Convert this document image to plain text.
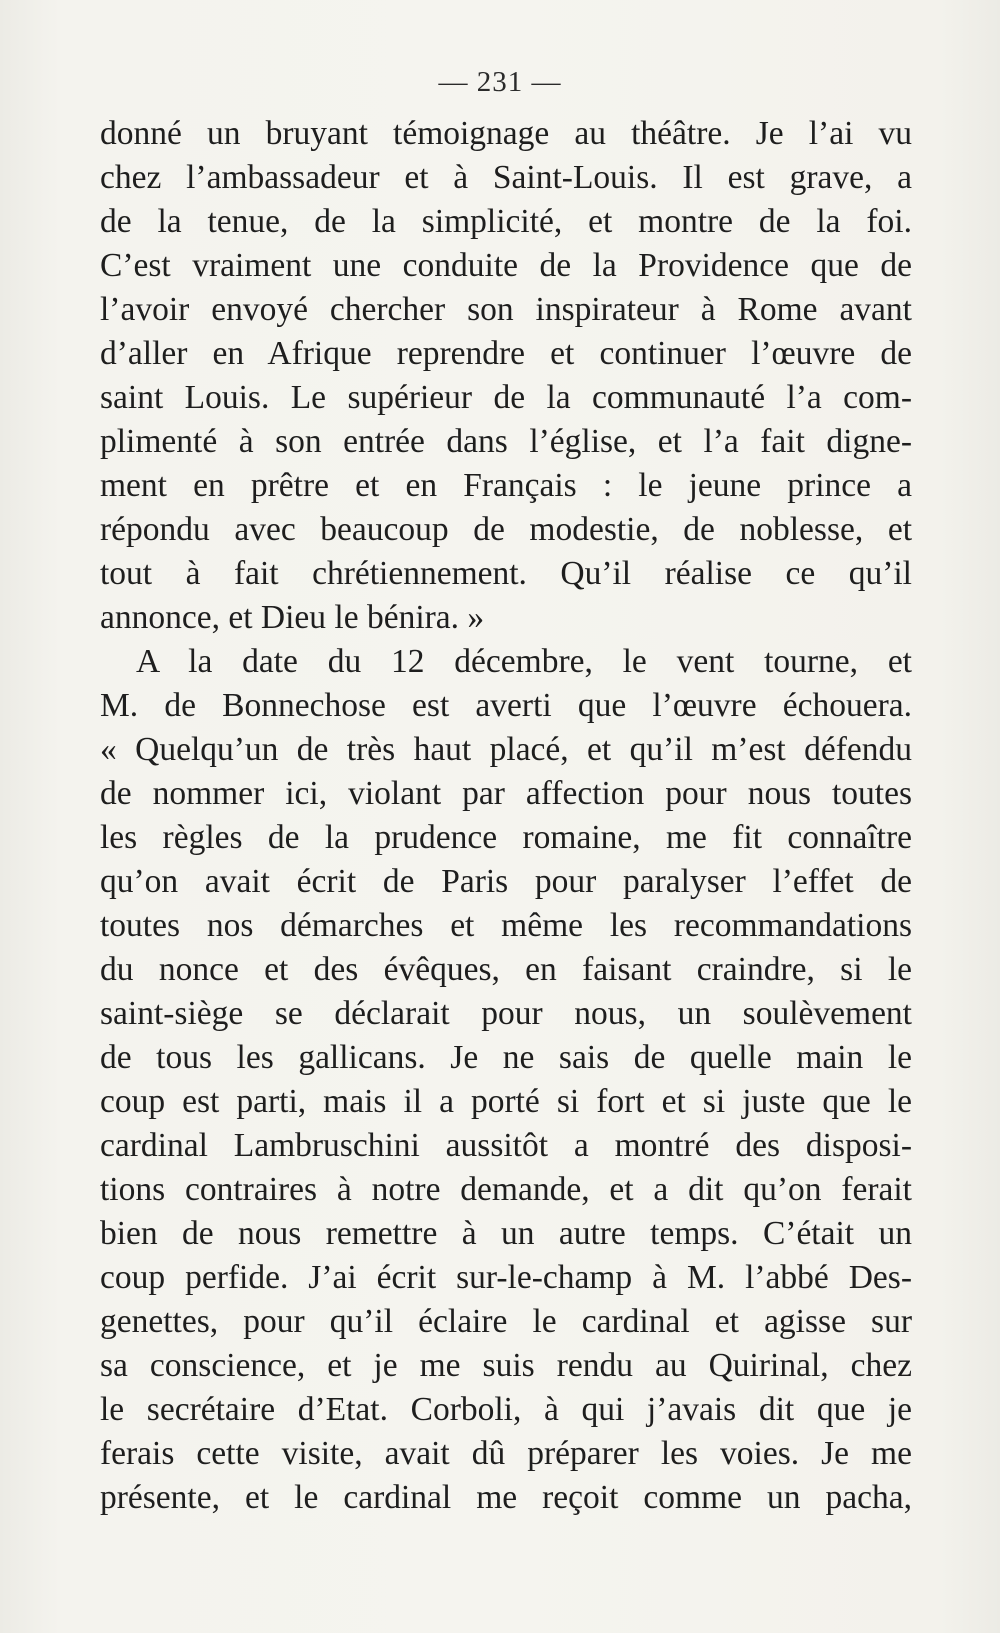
— 231 —
donné un bruyant témoignage au théâtre. Je l’ai vu
chez l’ambassadeur et à Saint-Louis. Il est grave, a
de la tenue, de la simplicité, et montre de la foi.
C’est vraiment une conduite de la Providence que de
l’avoir envoyé chercher son inspirateur à Rome avant
d’aller en Afrique reprendre et continuer l’œuvre de
saint Louis. Le supérieur de la communauté l’a com-
plimenté à son entrée dans l’église, et l’a fait digne-
ment en prêtre et en Français : le jeune prince a
répondu avec beaucoup de modestie, de noblesse, et
tout à fait chrétiennement. Qu’il réalise ce qu’il
annonce, et Dieu le bénira. »
A la date du 12 décembre, le vent tourne, et
M. de Bonnechose est averti que l’œuvre échouera.
« Quelqu’un de très haut placé, et qu’il m’est défendu
de nommer ici, violant par affection pour nous toutes
les règles de la prudence romaine, me fit connaître
qu’on avait écrit de Paris pour paralyser l’effet de
toutes nos démarches et même les recommandations
du nonce et des évêques, en faisant craindre, si le
saint-siège se déclarait pour nous, un soulèvement
de tous les gallicans. Je ne sais de quelle main le
coup est parti, mais il a porté si fort et si juste que le
cardinal Lambruschini aussitôt a montré des disposi-
tions contraires à notre demande, et a dit qu’on ferait
bien de nous remettre à un autre temps. C’était un
coup perfide. J’ai écrit sur-le-champ à M. l’abbé Des-
genettes, pour qu’il éclaire le cardinal et agisse sur
sa conscience, et je me suis rendu au Quirinal, chez
le secrétaire d’Etat. Corboli, à qui j’avais dit que je
ferais cette visite, avait dû préparer les voies. Je me
présente, et le cardinal me reçoit comme un pacha,
